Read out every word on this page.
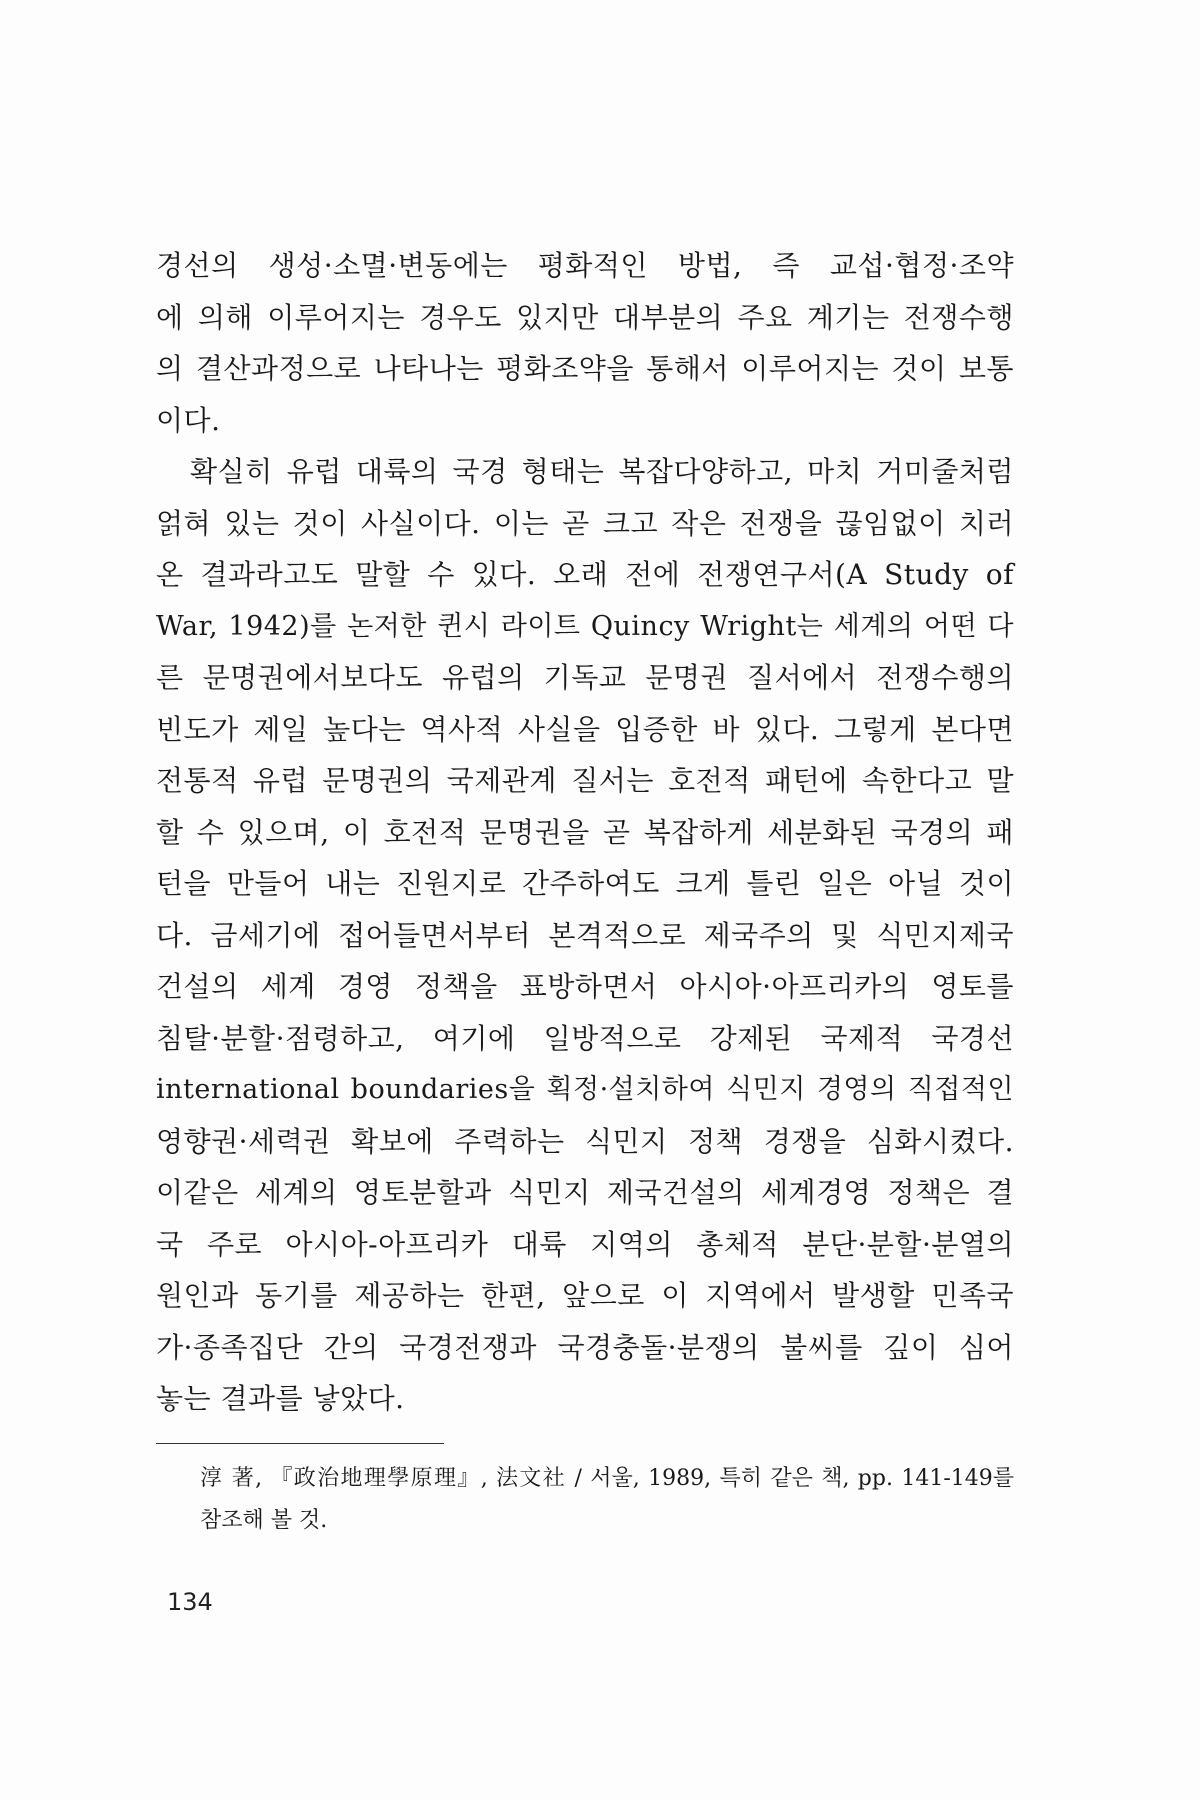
경선의 생성·소멸·변동에는 평화적인 방법, 즉 교섭·협정·조약
에 의해 이루어지는 경우도 있지만 대부분의 주요 계기는 전쟁수행
의 결산과정으로 나타나는 평화조약을 통해서 이루어지는 것이 보통
이다.
확실히 유럽 대륙의 국경 형태는 복잡다양하고, 마치 거미줄처럼
얽혀 있는 것이 사실이다. 이는 곧 크고 작은 전쟁을 끊임없이 치러
온 결과라고도 말할 수 있다. 오래 전에 전쟁연구서(A Study of
War, 1942)를 논저한 퀸시 라이트 Quincy Wright는 세계의 어떤 다
른 문명권에서보다도 유럽의 기독교 문명권 질서에서 전쟁수행의
빈도가 제일 높다는 역사적 사실을 입증한 바 있다. 그렇게 본다면
전통적 유럽 문명권의 국제관계 질서는 호전적 패턴에 속한다고 말
할 수 있으며, 이 호전적 문명권을 곧 복잡하게 세분화된 국경의 패
턴을 만들어 내는 진원지로 간주하여도 크게 틀린 일은 아닐 것이
다. 금세기에 접어들면서부터 본격적으로 제국주의 및 식민지제국
건설의 세계 경영 정책을 표방하면서 아시아·아프리카의 영토를
침탈·분할·점령하고, 여기에 일방적으로 강제된 국제적 국경선
international boundaries을 획정·설치하여 식민지 경영의 직접적인
영향권·세력권 확보에 주력하는 식민지 정책 경쟁을 심화시켰다.
이같은 세계의 영토분할과 식민지 제국건설의 세계경영 정책은 결
국 주로 아시아-아프리카 대륙 지역의 총체적 분단·분할·분열의
원인과 동기를 제공하는 한편, 앞으로 이 지역에서 발생할 민족국
가·종족집단 간의 국경전쟁과 국경충돌·분쟁의 불씨를 깊이 심어
놓는 결과를 낳았다.
淳 著, 『政治地理學原理』, 法文社 / 서울, 1989, 특히 같은 책, pp. 141-149를
참조해 볼 것.
134
